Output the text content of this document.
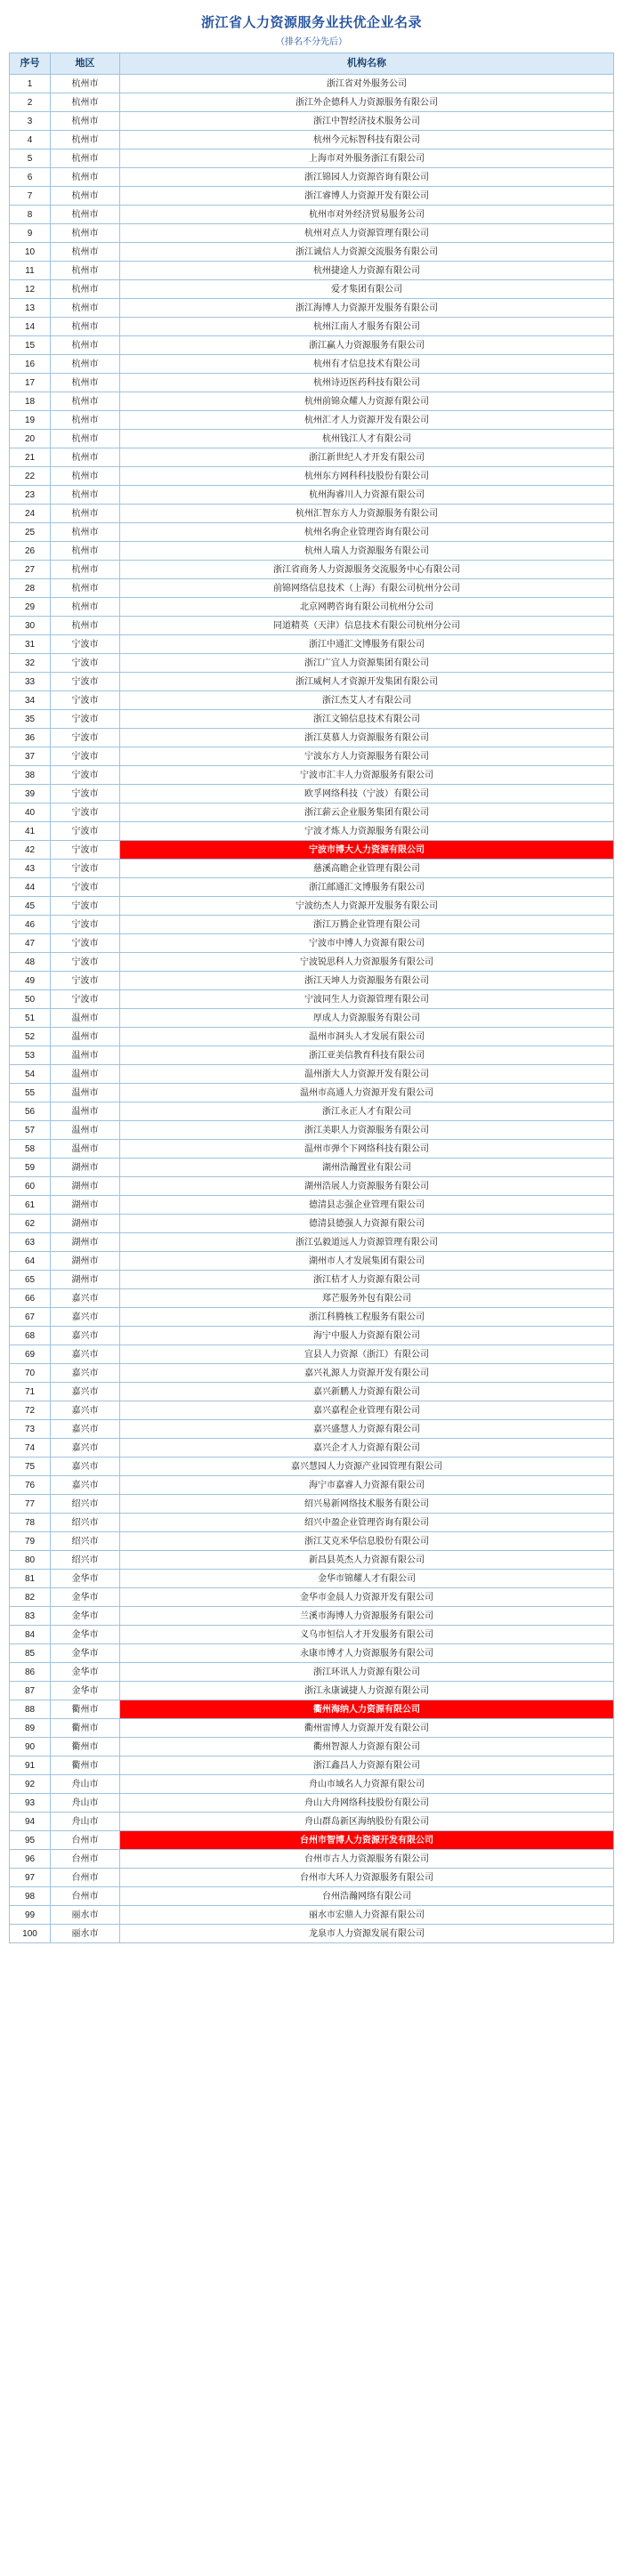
浙江省人力资源服务业扶优企业名录
（排名不分先后）
序号	地区	机构名称
1	杭州市	浙江省对外服务公司
2	杭州市	浙江外企德科人力资源服务有限公司
3	杭州市	浙江中智经济技术服务公司
4	杭州市	杭州今元标智科技有限公司
5	杭州市	上海市对外服务浙江有限公司
6	杭州市	浙江锦园人力资源咨询有限公司
7	杭州市	浙江睿博人力资源开发有限公司
8	杭州市	杭州市对外经济贸易服务公司
9	杭州市	杭州对点人力资源管理有限公司
10	杭州市	浙江诚信人力资源交流服务有限公司
11	杭州市	杭州捷途人力资源有限公司
12	杭州市	爱才集团有限公司
13	杭州市	浙江海博人力资源开发服务有限公司
14	杭州市	杭州江南人才服务有限公司
15	杭州市	浙江赢人力资源服务有限公司
16	杭州市	杭州有才信息技术有限公司
17	杭州市	杭州诗迈医药科技有限公司
18	杭州市	杭州前锦众耀人力资源有限公司
19	杭州市	杭州汇才人力资源开发有限公司
20	杭州市	杭州钱江人才有限公司
21	杭州市	浙江新世纪人才开发有限公司
22	杭州市	杭州东方网科科技股份有限公司
23	杭州市	杭州海睿川人力资源有限公司
24	杭州市	杭州汇智东方人力资源服务有限公司
25	杭州市	杭州名驹企业管理咨询有限公司
26	杭州市	杭州人瑞人力资源服务有限公司
27	杭州市	浙江省商务人力资源服务交流服务中心有限公司
28	杭州市	前锦网络信息技术（上海）有限公司杭州分公司
29	杭州市	北京网聘咨询有限公司杭州分公司
30	杭州市	同道精英（天津）信息技术有限公司杭州分公司
31	宁波市	浙江中通汇文博服务有限公司
32	宁波市	浙江广宜人力资源集团有限公司
33	宁波市	浙江威柯人才资源开发集团有限公司
34	宁波市	浙江杰艾人才有限公司
35	宁波市	浙江文锦信息技术有限公司
36	宁波市	浙江莫慕人力资源服务有限公司
37	宁波市	宁波东方人力资源服务有限公司
38	宁波市	宁波市汇丰人力资源服务有限公司
39	宁波市	欧孚网络科技（宁波）有限公司
40	宁波市	浙江薪云企业服务集团有限公司
41	宁波市	宁波才炼人力资源服务有限公司
42	宁波市	宁波市博大人力资源有限公司
43	宁波市	慈溪高瞻企业管理有限公司
44	宁波市	浙江邮通汇文博服务有限公司
45	宁波市	宁波纺杰人力资源开发服务有限公司
46	宁波市	浙江万腾企业管理有限公司
47	宁波市	宁波市中博人力资源有限公司
48	宁波市	宁波锐思科人力资源服务有限公司
49	宁波市	浙江天坤人力资源服务有限公司
50	宁波市	宁波同生人力资源管理有限公司
51	温州市	厚成人力资源服务有限公司
52	温州市	温州市洞头人才发展有限公司
53	温州市	浙江亚美信教育科技有限公司
54	温州市	温州浙大人力资源开发有限公司
55	温州市	温州市高通人力资源开发有限公司
56	温州市	浙江永正人才有限公司
57	温州市	浙江美职人力资源服务有限公司
58	温州市	温州市弹个下网络科技有限公司
59	湖州市	湖州浩瀚置业有限公司
60	湖州市	湖州浩展人力资源服务有限公司
61	湖州市	德清县志强企业管理有限公司
62	湖州市	德清县德强人力资源有限公司
63	湖州市	浙江弘毅道远人力资源管理有限公司
64	湖州市	湖州市人才发展集团有限公司
65	湖州市	浙江桔才人力资源有限公司
66	嘉兴市	郑芒服务外包有限公司
67	嘉兴市	浙江科腾核工程服务有限公司
68	嘉兴市	海宁中服人力资源有限公司
69	嘉兴市	宜县人力资源（浙江）有限公司
70	嘉兴市	嘉兴礼源人力资源开发有限公司
71	嘉兴市	嘉兴新鹏人力资源有限公司
72	嘉兴市	嘉兴嘉程企业管理有限公司
73	嘉兴市	嘉兴盛慧人力资源有限公司
74	嘉兴市	嘉兴企才人力资源有限公司
75	嘉兴市	嘉兴慧园人力资源产业园管理有限公司
76	嘉兴市	海宁市嘉睿人力资源有限公司
77	绍兴市	绍兴易新网络技术服务有限公司
78	绍兴市	绍兴中盈企业管理咨询有限公司
79	绍兴市	浙江艾克米华信息股份有限公司
80	绍兴市	新昌县英杰人力资源有限公司
81	金华市	金华市锦耀人才有限公司
82	金华市	金华市金晨人力资源开发有限公司
83	金华市	兰溪市海博人力资源服务有限公司
84	金华市	义乌市恒信人才开发服务有限公司
85	金华市	永康市博才人力资源服务有限公司
86	金华市	浙江环讯人力资源有限公司
87	金华市	浙江永康诚捷人力资源有限公司
88	衢州市	衢州海纳人力资源有限公司
89	衢州市	衢州雷博人力资源开发有限公司
90	衢州市	衢州智源人力资源有限公司
91	衢州市	浙江鑫昌人力资源有限公司
92	舟山市	舟山市域名人力资源有限公司
93	舟山市	舟山大舟网络科技股份有限公司
94	舟山市	舟山群岛新区海纳股份有限公司
95	台州市	台州市智博人力资源开发有限公司
96	台州市	台州市古人力资源服务有限公司
97	台州市	台州市大环人力资源服务有限公司
98	台州市	台州浩瀚网络有限公司
99	丽水市	丽水市宏鼎人力资源有限公司
100	丽水市	龙泉市人力资源发展有限公司
